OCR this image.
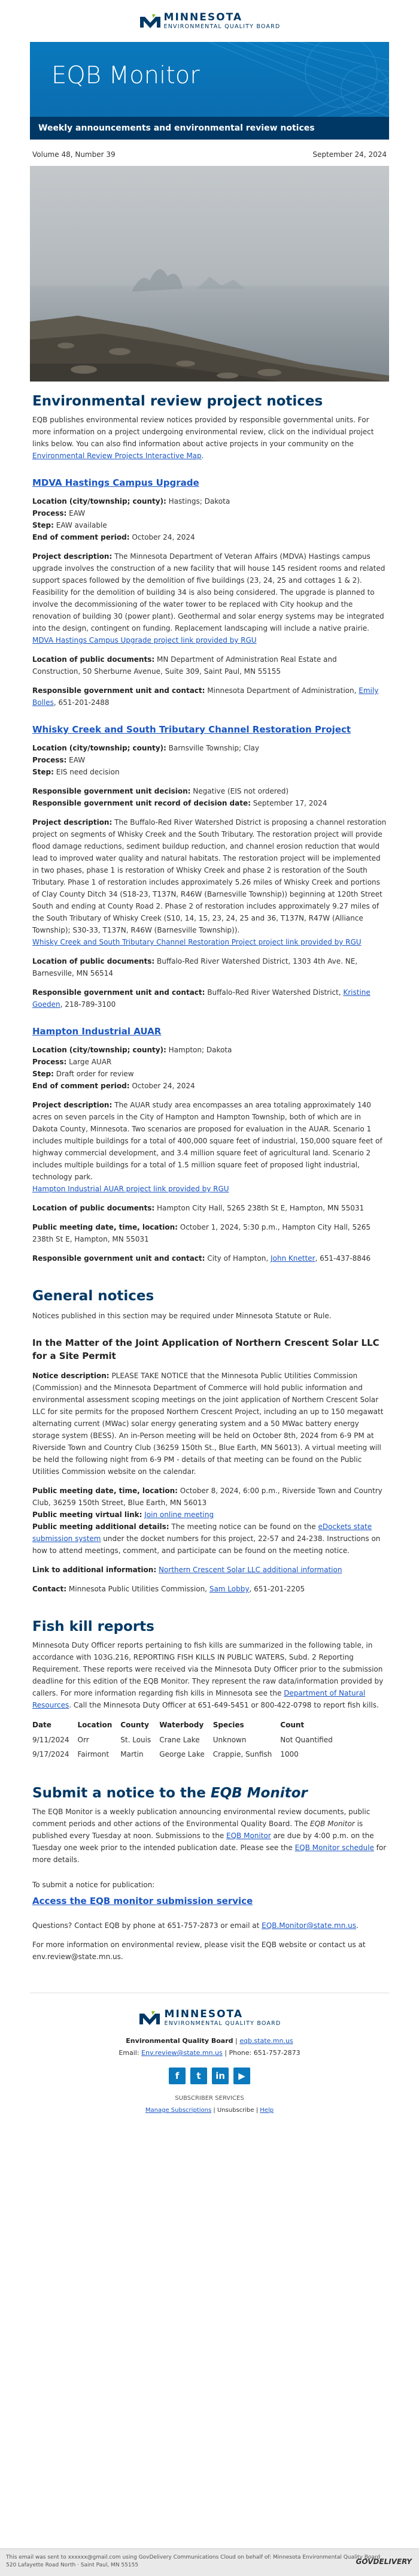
MINNESOTA
ENVIRONMENTAL QUALITY BOARD
EQB Monitor
Weekly announcements and environmental review notices
Volume 48, Number 39	September 24, 2024
Environmental review project notices

EQB publishes environmental review notices provided by responsible governmental units. For more information on a project undergoing environmental review, click on the individual project links below. You can also find information about active projects in your community on the Environmental Review Projects Interactive Map.

MDVA Hastings Campus Upgrade

Location (city/township; county): Hastings; Dakota

Process: EAW

Step: EAW available

End of comment period: October 24, 2024

Project description: The Minnesota Department of Veteran Affairs (MDVA) Hastings campus upgrade involves the construction of a new facility that will house 145 resident rooms and related support spaces followed by the demolition of five buildings (23, 24, 25 and cottages 1 & 2). Feasibility for the demolition of building 34 is also being considered. The upgrade is planned to involve the decommissioning of the water tower to be replaced with City hookup and the renovation of building 30 (power plant). Geothermal and solar energy systems may be integrated into the design, contingent on funding. Replacement landscaping will include a native prairie.

MDVA Hastings Campus Upgrade project link provided by RGU

Location of public documents: MN Department of Administration Real Estate and Construction, 50 Sherburne Avenue, Suite 309, Saint Paul, MN 55155

Responsible government unit and contact: Minnesota Department of Administration, Emily Bolles, 651-201-2488

Whisky Creek and South Tributary Channel Restoration Project

Location (city/township; county): Barnsville Township; Clay

Process: EAW

Step: EIS need decision

Responsible government unit decision: Negative (EIS not ordered)

Responsible government unit record of decision date: September 17, 2024

Project description: The Buffalo-Red River Watershed District is proposing a channel restoration project on segments of Whisky Creek and the South Tributary. The restoration project will provide flood damage reductions, sediment buildup reduction, and channel erosion reduction that would lead to improved water quality and natural habitats. The restoration project will be implemented in two phases, phase 1 is restoration of Whisky Creek and phase 2 is restoration of the South Tributary. Phase 1 of restoration includes approximately 5.26 miles of Whisky Creek and portions of Clay County Ditch 34 (S18-23, T137N, R46W (Barnesville Township)) beginning at 120th Street South and ending at County Road 2. Phase 2 of restoration includes approximately 9.27 miles of the South Tributary of Whisky Creek (S10, 14, 15, 23, 24, 25 and 36, T137N, R47W (Alliance Township); S30-33, T137N, R46W (Barnesville Township)).

Whisky Creek and South Tributary Channel Restoration Project project link provided by RGU

Location of public documents: Buffalo-Red River Watershed District, 1303 4th Ave. NE, Barnesville, MN 56514

Responsible government unit and contact: Buffalo-Red River Watershed District, Kristine Goeden, 218-789-3100

Hampton Industrial AUAR

Location (city/township; county): Hampton; Dakota

Process: Large AUAR

Step: Draft order for review

End of comment period: October 24, 2024

Project description: The AUAR study area encompasses an area totaling approximately 140 acres on seven parcels in the City of Hampton and Hampton Township, both of which are in Dakota County, Minnesota. Two scenarios are proposed for evaluation in the AUAR. Scenario 1 includes multiple buildings for a total of 400,000 square feet of industrial, 150,000 square feet of highway commercial development, and 3.4 million square feet of agricultural land. Scenario 2 includes multiple buildings for a total of 1.5 million square feet of proposed light industrial, technology park.

Hampton Industrial AUAR project link provided by RGU

Location of public documents: Hampton City Hall, 5265 238th St E, Hampton, MN 55031

Public meeting date, time, location: October 1, 2024, 5:30 p.m., Hampton City Hall, 5265 238th St E, Hampton, MN 55031

Responsible government unit and contact: City of Hampton, John Knetter, 651-437-8846

General notices

Notices published in this section may be required under Minnesota Statute or Rule.

In the Matter of the Joint Application of Northern Crescent Solar LLC for a Site Permit

Notice description: PLEASE TAKE NOTICE that the Minnesota Public Utilities Commission (Commission) and the Minnesota Department of Commerce will hold public information and environmental assessment scoping meetings on the joint application of Northern Crescent Solar LLC for site permits for the proposed Northern Crescent Project, including an up to 150 megawatt alternating current (MWac) solar energy generating system and a 50 MWac battery energy storage system (BESS). An in-Person meeting will be held on October 8th, 2024 from 6-9 PM at Riverside Town and Country Club (36259 150th St., Blue Earth, MN 56013). A virtual meeting will be held the following night from 6-9 PM - details of that meeting can be found on the Public Utilities Commission website on the calendar.

Public meeting date, time, location: October 8, 2024, 6:00 p.m., Riverside Town and Country Club, 36259 150th Street, Blue Earth, MN 56013

Public meeting virtual link: Join online meeting

Public meeting additional details: The meeting notice can be found on the eDockets state submission system under the docket numbers for this project, 22-57 and 24-238. Instructions on how to attend meetings, comment, and participate can be found on the meeting notice.

Link to additional information: Northern Crescent Solar LLC additional information

Contact: Minnesota Public Utilities Commission, Sam Lobby, 651-201-2205

Fish kill reports

Minnesota Duty Officer reports pertaining to fish kills are summarized in the following table, in accordance with 103G.216, REPORTING FISH KILLS IN PUBLIC WATERS, Subd. 2 Reporting Requirement. These reports were received via the Minnesota Duty Officer prior to the submission deadline for this edition of the EQB Monitor. They represent the raw data/information provided by callers. For more information regarding fish kills in Minnesota see the Department of Natural Resources. Call the Minnesota Duty Officer at 651-649-5451 or 800-422-0798 to report fish kills.

Date	Location	County	Waterbody	Species	Count
9/11/2024	Orr	St. Louis	Crane Lake	Unknown	Not Quantified
9/17/2024	Fairmont	Martin	George Lake	Crappie, Sunfish	1000
Submit a notice to the EQB Monitor

The EQB Monitor is a weekly publication announcing environmental review documents, public comment periods and other actions of the Environmental Quality Board. The EQB Monitor is published every Tuesday at noon. Submissions to the EQB Monitor are due by 4:00 p.m. on the Tuesday one week prior to the intended publication date. Please see the EQB Monitor schedule for more details.

To submit a notice for publication:

Access the EQB monitor submission service

Questions? Contact EQB by phone at 651-757-2873 or email at EQB.Monitor@state.mn.us.

For more information on environmental review, please visit the EQB website or contact us at env.review@state.mn.us.

MINNESOTA
ENVIRONMENTAL QUALITY BOARD

Environmental Quality Board | eqb.state.mn.us

Email: Env.review@state.mn.us | Phone: 651-757-2873

f	t	in	▶

SUBSCRIBER SERVICES

Manage Subscriptions | Unsubscribe | Help

This email was sent to xxxxxx@gmail.com using GovDelivery Communications Cloud on behalf of: Minnesota Environmental Quality Board
520 Lafayette Road North · Saint Paul, MN 55155	GOVDELIVERY
